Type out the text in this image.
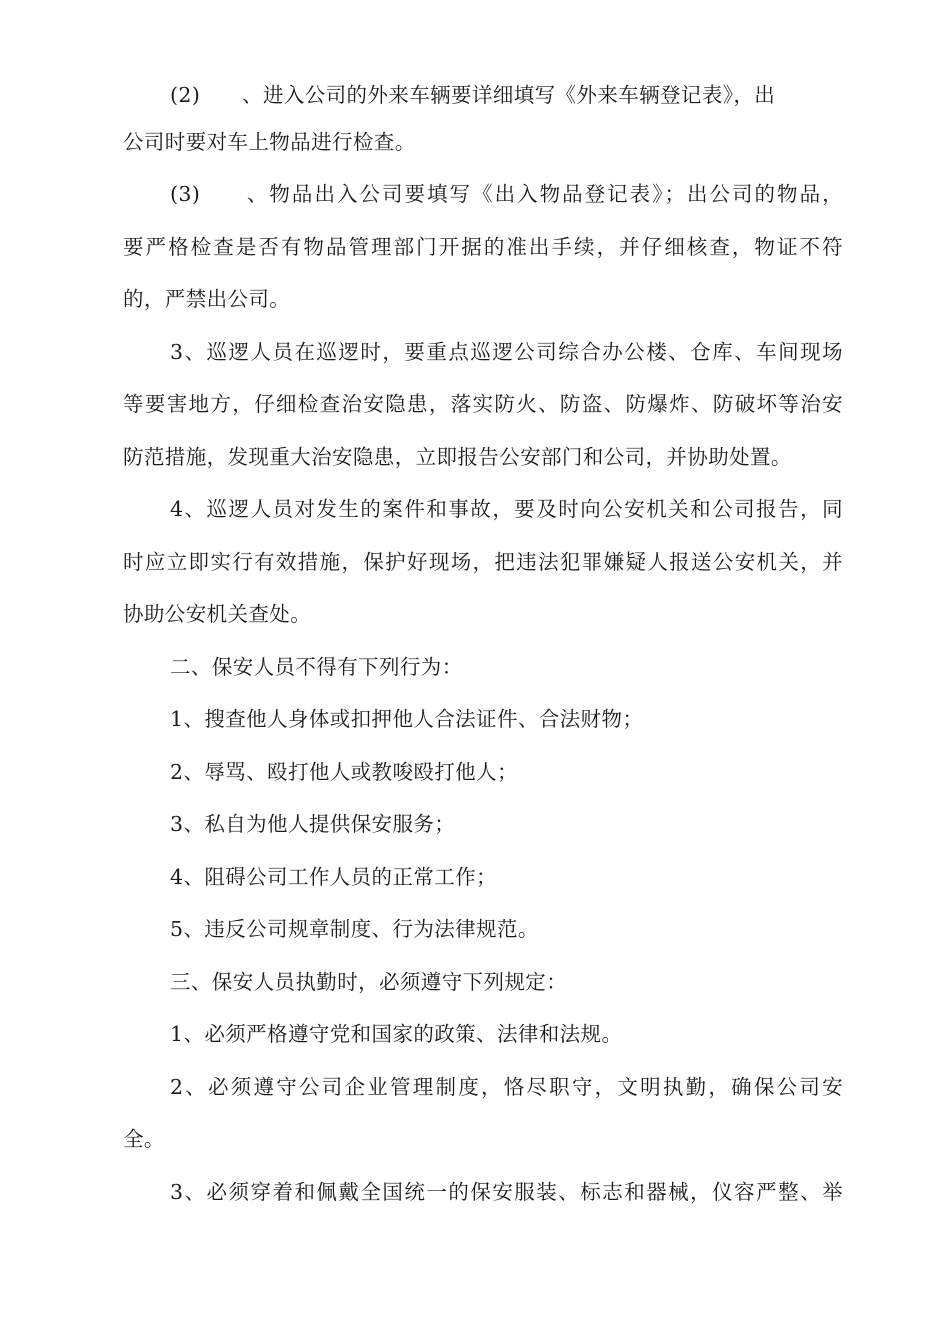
(2)　　、进入公司的外来车辆要详细填写《外来车辆登记表》，出
公司时要对车上物品进行检查。
(3)　　、物品出入公司要填写《出入物品登记表》；出公司的物品，
要严格检查是否有物品管理部门开据的准出手续，并仔细核查，物证不符
的，严禁出公司。
3、巡逻人员在巡逻时，要重点巡逻公司综合办公楼、仓库、车间现场
等要害地方，仔细检查治安隐患，落实防火、防盗、防爆炸、防破坏等治安
防范措施，发现重大治安隐患，立即报告公安部门和公司，并协助处置。
4、巡逻人员对发生的案件和事故，要及时向公安机关和公司报告，同
时应立即实行有效措施，保护好现场，把违法犯罪嫌疑人报送公安机关，并
协助公安机关查处。
二、保安人员不得有下列行为：
1、搜查他人身体或扣押他人合法证件、合法财物；
2、辱骂、殴打他人或教唆殴打他人；
3、私自为他人提供保安服务；
4、阻碍公司工作人员的正常工作；
5、违反公司规章制度、行为法律规范。
三、保安人员执勤时，必须遵守下列规定：
1、必须严格遵守党和国家的政策、法律和法规。
2、必须遵守公司企业管理制度，恪尽职守，文明执勤，确保公司安
全。
3、必须穿着和佩戴全国统一的保安服装、标志和器械，仪容严整、举
